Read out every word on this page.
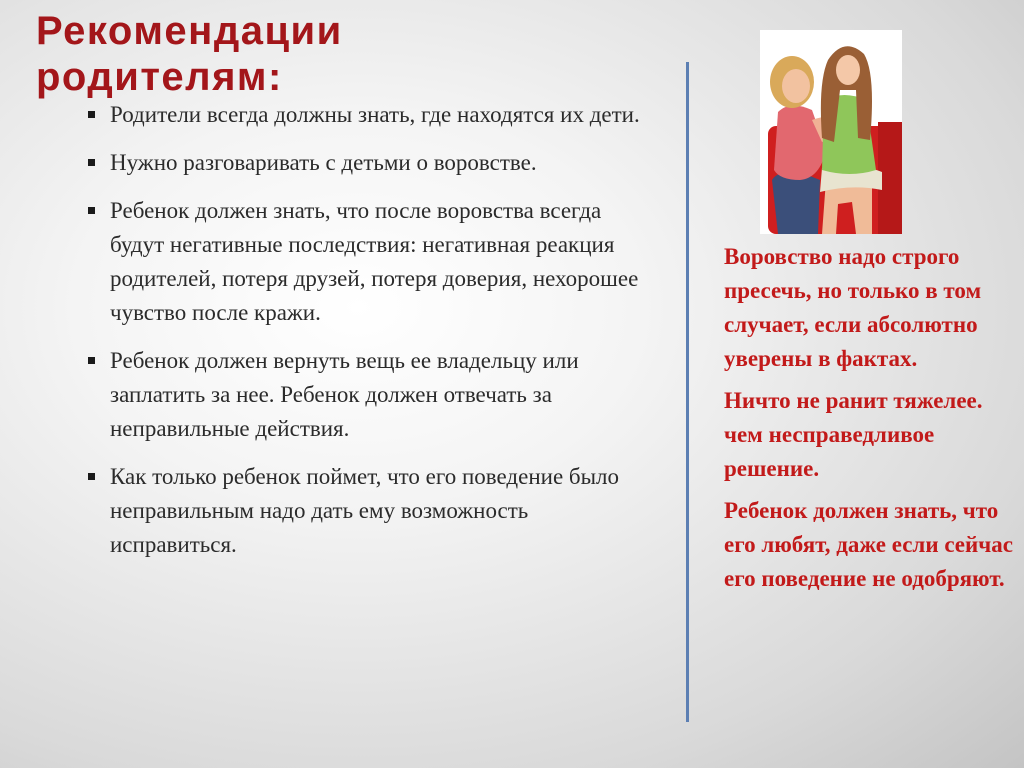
Рекомендации
родителям:
Родители всегда должны знать, где находятся их дети.
Нужно разговаривать с детьми о воровстве.
Ребенок должен знать, что после воровства всегда будут негативные последствия: негативная реакция родителей, потеря друзей, потеря доверия, нехорошее чувство после кражи.
Ребенок должен вернуть вещь ее владельцу или заплатить за нее. Ребенок должен отвечать за неправильные действия.
Как только ребенок поймет, что его поведение было неправильным надо дать ему возможность исправиться.

Воровство надо строго пресечь, но только в том случает, если абсолютно уверены в фактах.

Ничто не ранит тяжелее. чем несправедливое решение.

Ребенок должен знать, что его любят, даже если сейчас его поведение не одобряют.
